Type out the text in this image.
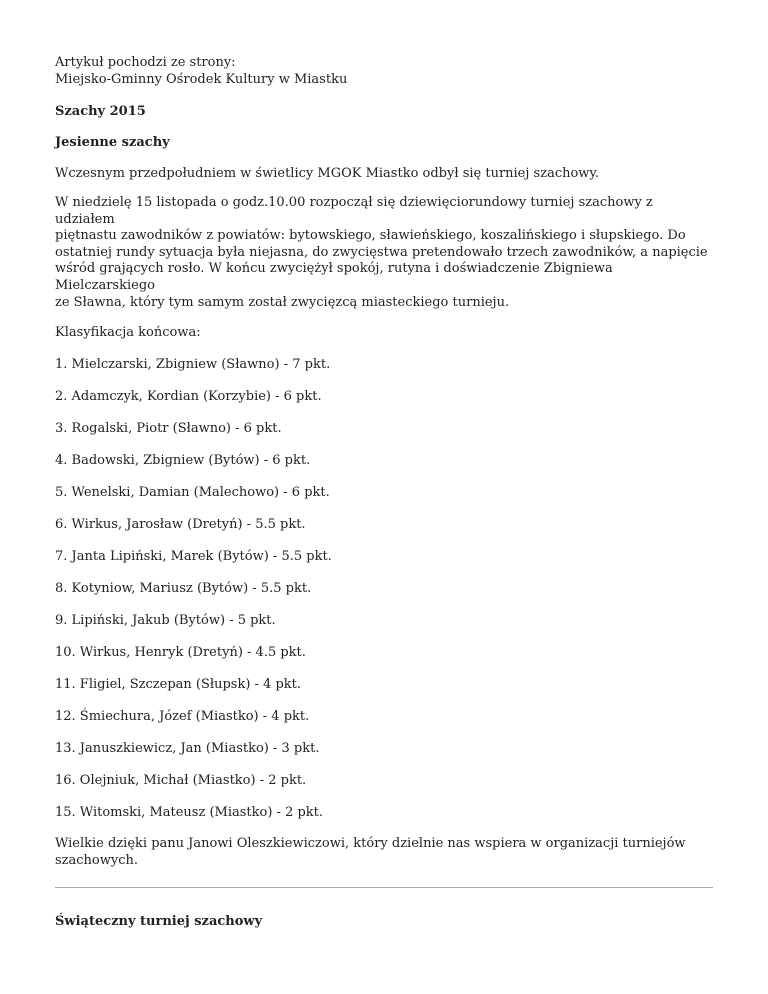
Artykuł pochodzi ze strony:
Miejsko-Gminny Ośrodek Kultury w Miastku
Szachy 2015
Jesienne szachy
Wczesnym przedpołudniem w świetlicy MGOK Miastko odbył się turniej szachowy.
W niedzielę 15 listopada o godz.10.00 rozpoczął się dziewięciorundowy turniej szachowy z udziałem
piętnastu zawodników z powiatów: bytowskiego, sławieńskiego, koszalińskiego i słupskiego. Do
ostatniej rundy sytuacja była niejasna, do zwycięstwa pretendowało trzech zawodników, a napięcie
wśród grających rosło. W końcu zwyciężył spokój, rutyna i doświadczenie Zbigniewa Mielczarskiego
ze Sławna, który tym samym został zwycięzcą miasteckiego turnieju.
Klasyfikacja końcowa:
1. Mielczarski, Zbigniew (Sławno) - 7 pkt.
2. Adamczyk, Kordian (Korzybie) - 6 pkt.
3. Rogalski, Piotr (Sławno) - 6 pkt.
4. Badowski, Zbigniew (Bytów) - 6 pkt.
5. Wenelski, Damian (Malechowo) - 6 pkt.
6. Wirkus, Jarosław (Dretyń) - 5.5 pkt.
7. Janta Lipiński, Marek (Bytów) - 5.5 pkt.
8. Kotyniow, Mariusz (Bytów) - 5.5 pkt.
9. Lipiński, Jakub (Bytów) - 5 pkt.
10. Wirkus, Henryk (Dretyń) - 4.5 pkt.
11. Fligiel, Szczepan (Słupsk) - 4 pkt.
12. Śmiechura, Józef (Miastko) - 4 pkt.
13. Januszkiewicz, Jan (Miastko) - 3 pkt.
16. Olejniuk, Michał (Miastko) - 2 pkt.
15. Witomski, Mateusz (Miastko) - 2 pkt.
Wielkie dzięki panu Janowi Oleszkiewiczowi, który dzielnie nas wspiera w organizacji turniejów
szachowych.
Świąteczny turniej szachowy
